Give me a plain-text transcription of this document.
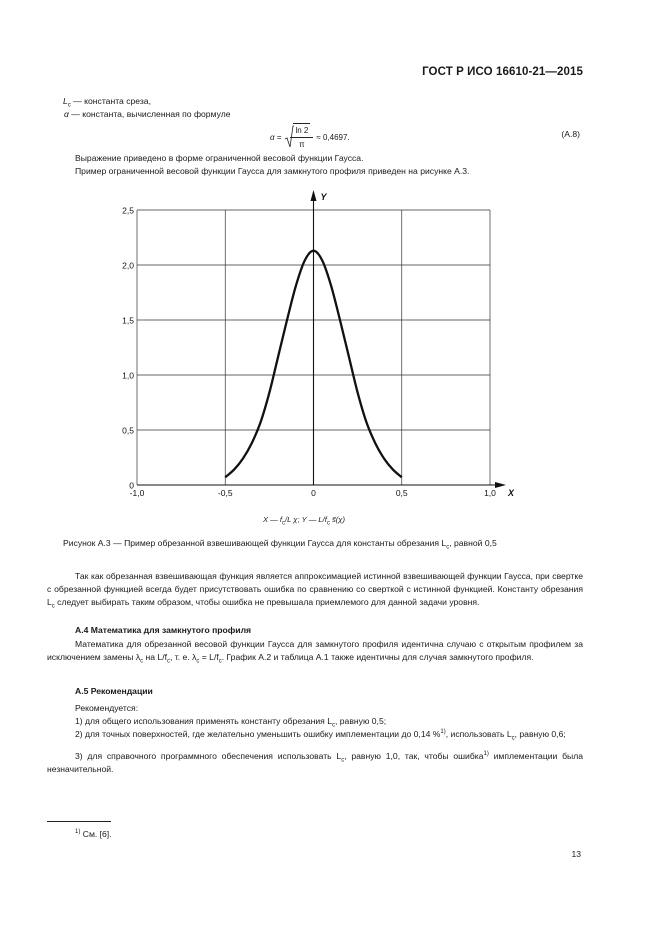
ГОСТ Р ИСО 16610-21—2015
$L_c$ — константа среза,
α — константа, вычисленная по формуле
$\alpha = \frac{\ln 2}{\pi} \approx 0,4697$.	(А.8)
Выражение приведено в форме ограниченной весовой функции Гаусса.
Пример ограниченной весовой функции Гаусса для замкнутого профиля приведен на рисунке А.3.
0
0,5
1,0
1,5
2,0
2,5
-1,0	-0,5	0	0,5	1,0 X
Y
X — $f_c/L$ χ; Y — $L/f_c$ s̃(χ)
Рисунок А.3 — Пример обрезанной взвешивающей функции Гаусса для константы обрезания $L_c$, равной 0,5
Так как обрезанная взвешивающая функция является аппроксимацией истинной взвешивающей функции Гаусса, при свертке с обрезанной функцией всегда будет присутствовать ошибка по сравнению со сверткой с истинной функцией. Константу обрезания $L_c$ следует выбирать таким образом, чтобы ошибка не превышала приемлемого для данной задачи уровня.
А.4 Математика для замкнутого профиля
Математика для обрезанной весовой функции Гаусса для замкнутого профиля идентична случаю с открытым профилем за исключением замены $\lambda_c$ на $L/f_c$, т. е. $\lambda_c = L/f_c$. График А.2 и таблица А.1 также идентичны для случая замкнутого профиля.
А.5 Рекомендации
Рекомендуется:
1) для общего использования применять константу обрезания $L_c$, равную 0,5;
2) для точных поверхностей, где желательно уменьшить ошибку имплементации до 0,14 %$^{1)}$, использовать $L_c$, равную 0,6;
3) для справочного программного обеспечения использовать $L_c$, равную 1,0, так, чтобы ошибка$^{1)}$ имплементации была незначительной.
$^{1)}$ См. [6].
13
